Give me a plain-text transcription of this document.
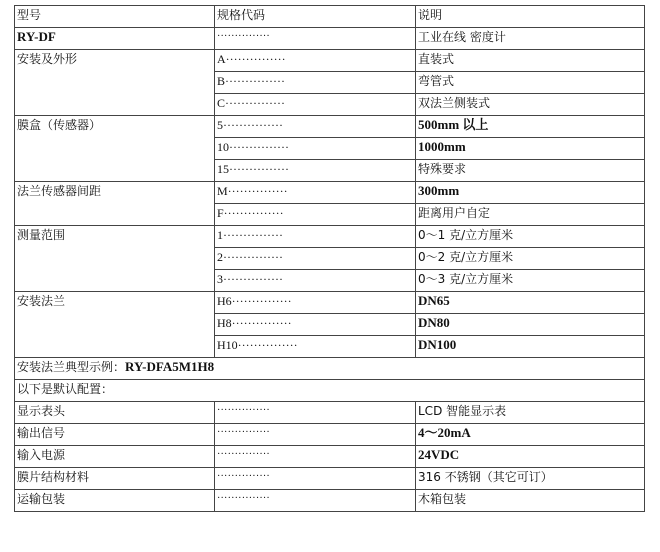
型号	规格代码	说明
RY-DF	···············	工业在线 密度计
安装及外形	A···············	直装式
	B···············	弯管式
	C···············	双法兰侧装式
膜盒（传感器）	5···············	500mm 以上
	10···············	1000mm
	15···············	特殊要求
法兰传感器间距	M···············	300mm
	F···············	距离用户自定
测量范围	1···············	0～1 克/立方厘米
	2···············	0～2 克/立方厘米
	3···············	0～3 克/立方厘米
安装法兰	H6···············	DN65
	H8···············	DN80
	H10···············	DN100
安装法兰典型示例：RY-DFA5M1H8		
以下是默认配置：		
显示表头	···············	LCD 智能显示表
输出信号	···············	4～20mA
输入电源	···············	24VDC
膜片结构材料	···············	316 不锈钢（其它可订）
运输包装	···············	木箱包装
